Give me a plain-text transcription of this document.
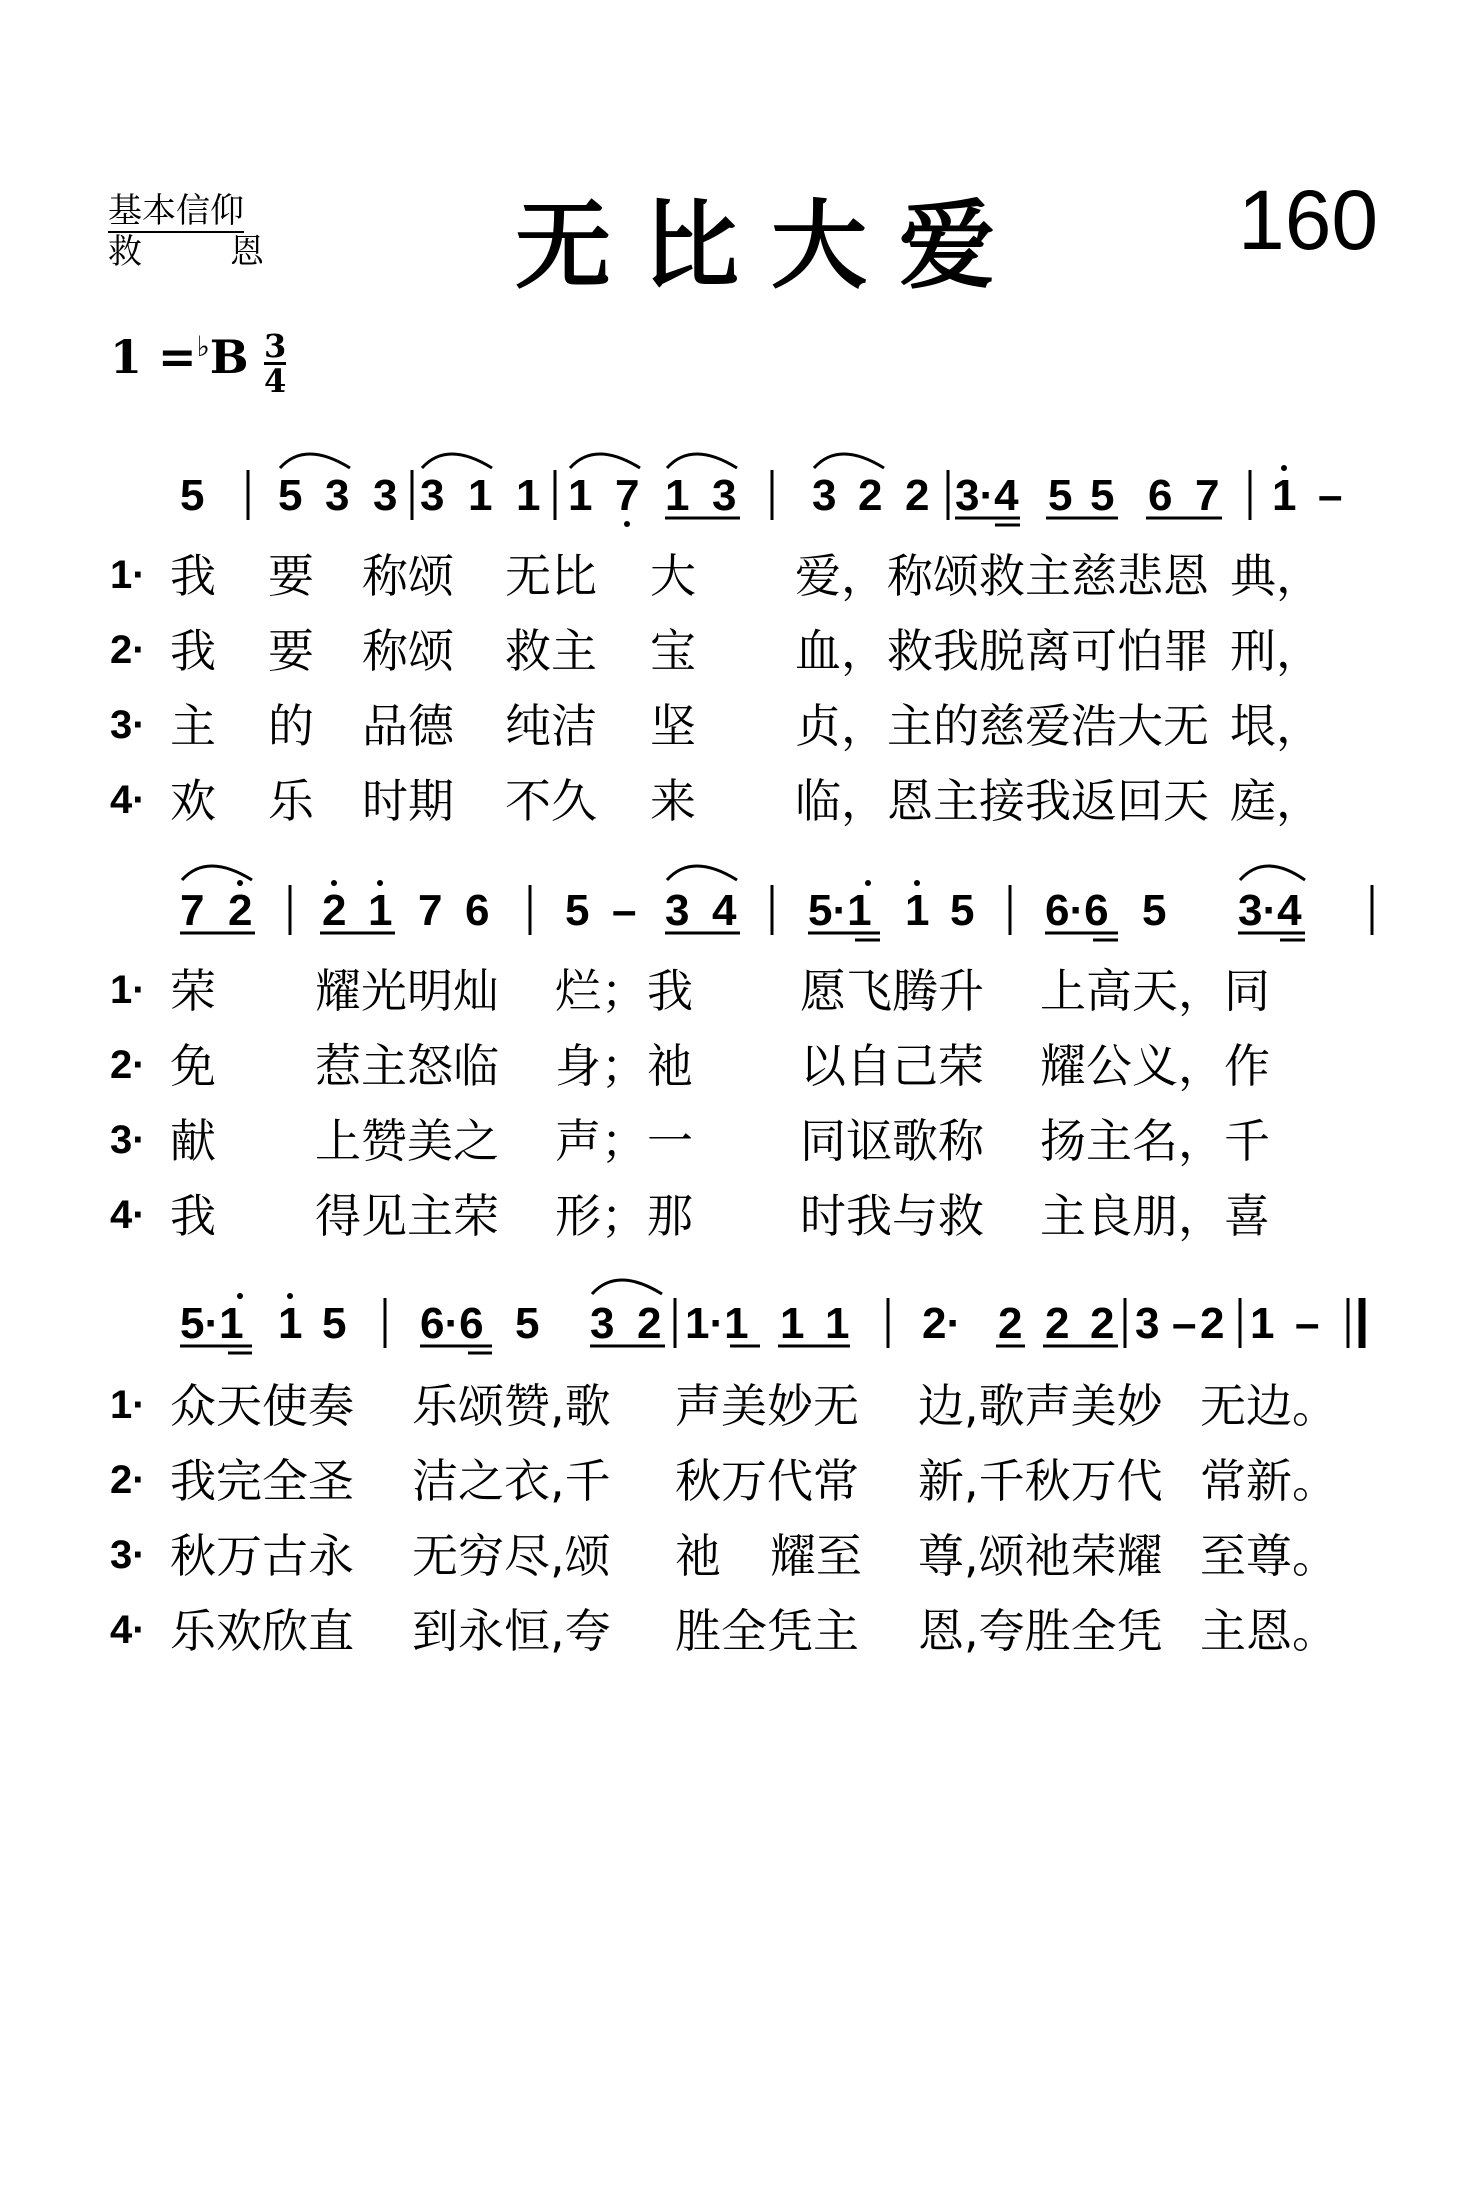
基本信仰
救	恩	无比大爱	160
1 =♭B 3
4
5 5 3 3 3 1 1 1 7 1 3 3 2 2 3·4 5 5 6 7 1 –
7 2 2 1 7 6 5 – 3 4 5·1 1 5 6·6 5 3·4
5·1 1 5 6·6 5 3 2 1·1 1 1 2· 2 2 2 3 – 2 1 –
1·
2·
3·
4·
我 要 称颂 无比 大 爱，称颂救主慈悲恩 典，
我 要 称颂 救主 宝 血，救我脱离可怕罪 刑，
主 的 品德 纯洁 坚 贞，主的慈爱浩大无 垠，
欢 乐 时期 不久 来 临，恩主接我返回天 庭，
1·
2·
3·
4·
荣 耀光明灿 烂；我 愿飞腾升 上高天，同
免 惹主怒临 身；祂 以自己荣 耀公义，作
献 上赞美之 声；一 同讴歌称 扬主名，千
我 得见主荣 形；那 时我与救 主良朋，喜
1·
2·
3·
4·
众天使奏 乐颂赞,歌 声美妙无 边,歌声美妙 无边。
我完全圣 洁之衣,千 秋万代常 新,千秋万代 常新。
秋万古永 无穷尽,颂 祂 耀至 尊,颂祂荣耀 至尊。
乐欢欣直 到永恒,夸 胜全凭主 恩,夸胜全凭 主恩。
